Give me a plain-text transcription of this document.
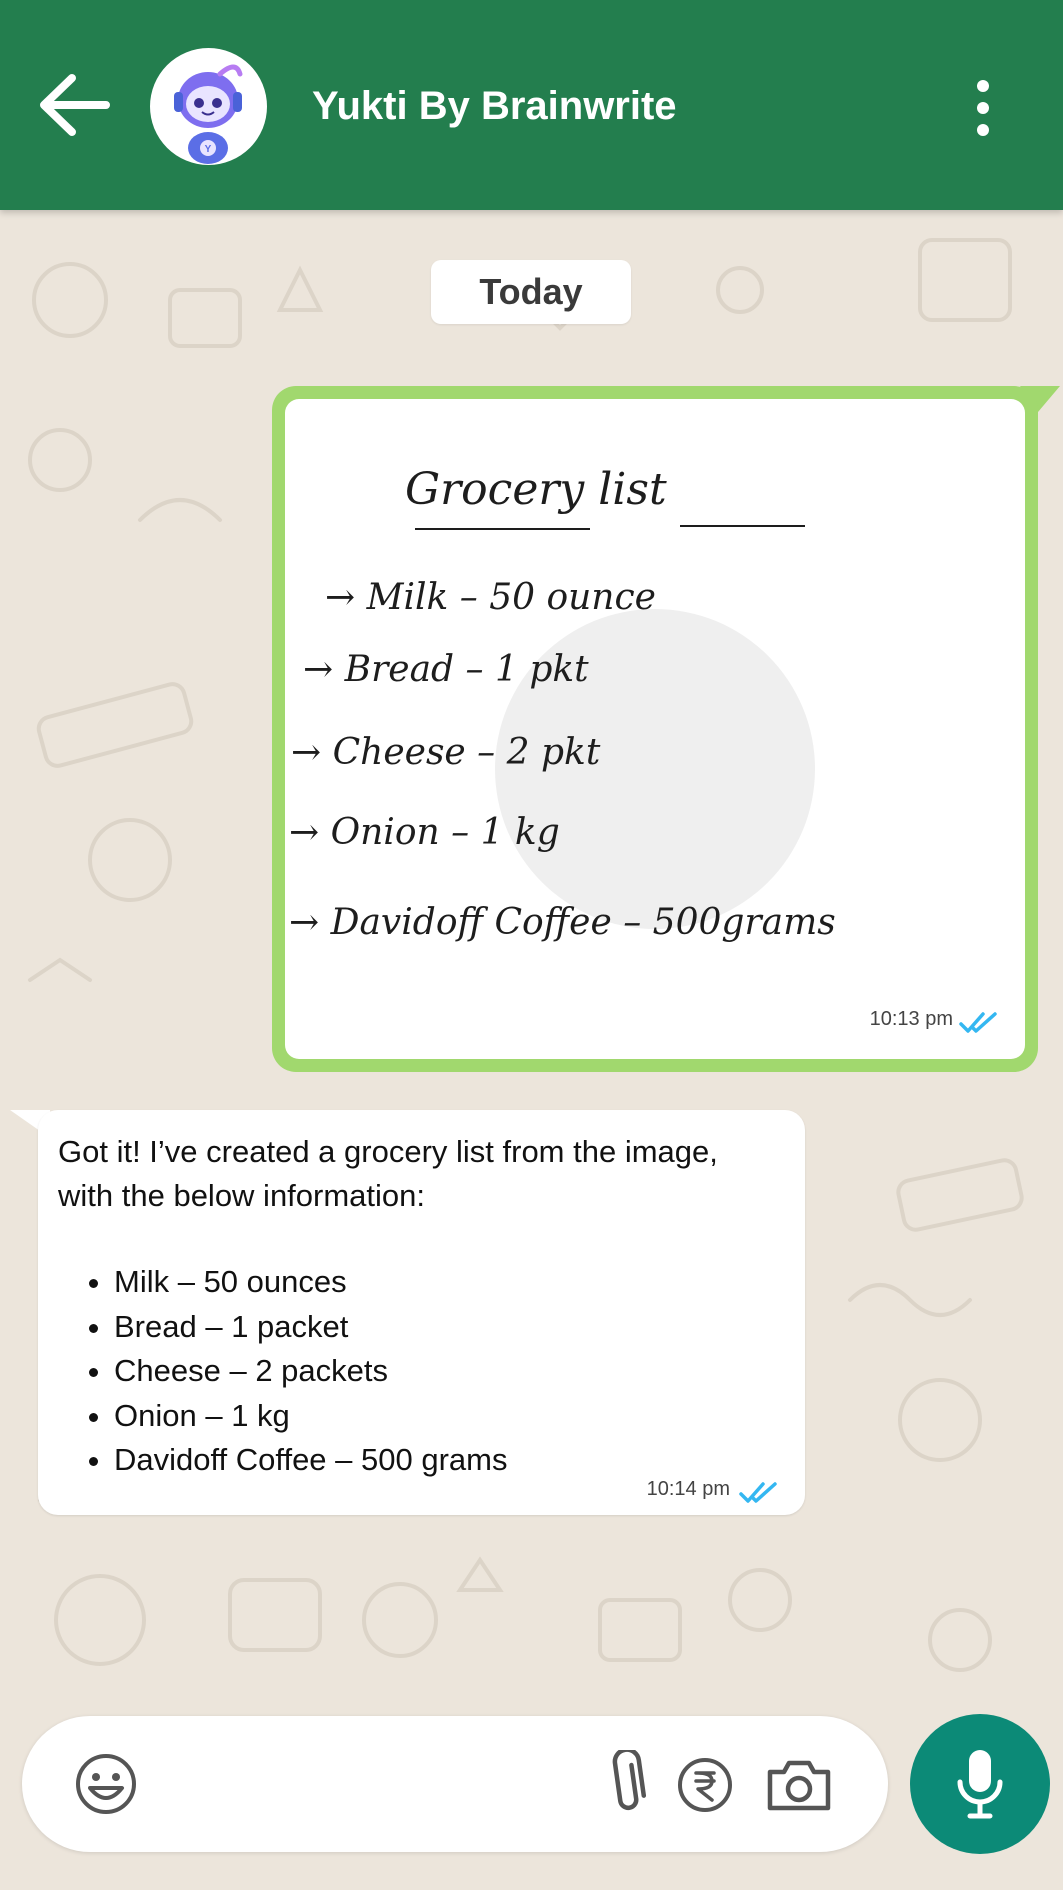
Y
Yukti By Brainwrite
Today
Grocery list
→ Milk – 50 ounce
→ Bread – 1 pkt
→ Cheese – 2 pkt
→ Onion – 1 kg
→ Davidoff Coffee – 500grams
10:13 pm
Got it! I’ve created a grocery list from the image, with the below information:
• Milk – 50 ounces
• Bread – 1 packet
• Cheese – 2 packets
• Onion – 1 kg
• Davidoff Coffee – 500 grams
10:14 pm
